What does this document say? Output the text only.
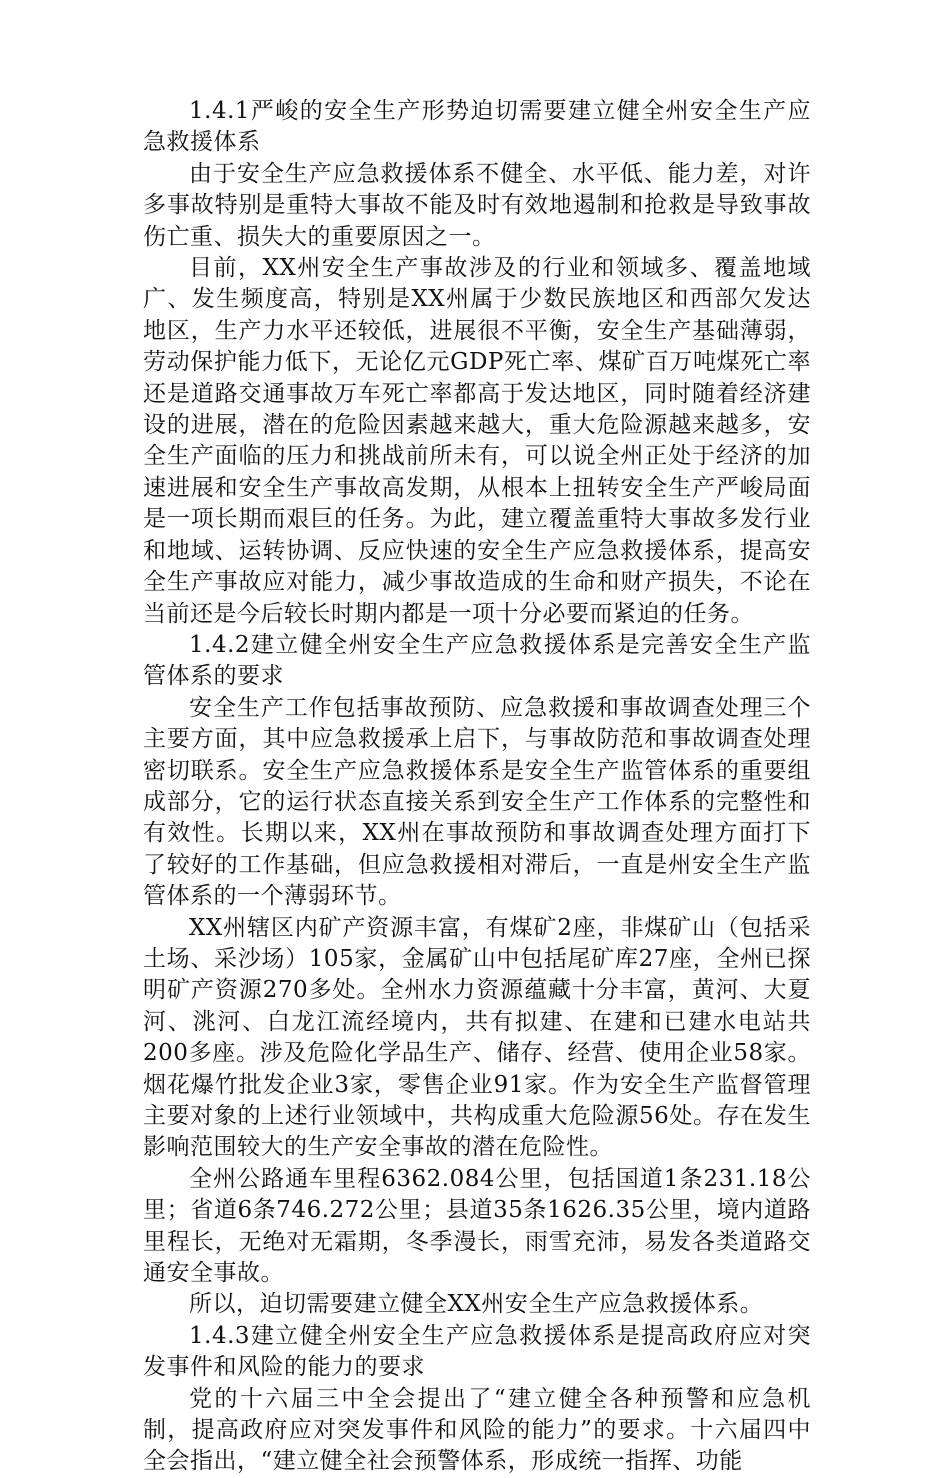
1.4.1严峻的安全生产形势迫切需要建立健全州安全生产应急救援体系

由于安全生产应急救援体系不健全、水平低、能力差，对许多事故特别是重特大事故不能及时有效地遏制和抢救是导致事故伤亡重、损失大的重要原因之一。

目前，XX州安全生产事故涉及的行业和领域多、覆盖地域广、发生频度高，特别是XX州属于少数民族地区和西部欠发达地区，生产力水平还较低，进展很不平衡，安全生产基础薄弱，劳动保护能力低下，无论亿元GDP死亡率、煤矿百万吨煤死亡率还是道路交通事故万车死亡率都高于发达地区，同时随着经济建设的进展，潜在的危险因素越来越大，重大危险源越来越多，安全生产面临的压力和挑战前所未有，可以说全州正处于经济的加速进展和安全生产事故高发期，从根本上扭转安全生产严峻局面是一项长期而艰巨的任务。为此，建立覆盖重特大事故多发行业和地域、运转协调、反应快速的安全生产应急救援体系，提高安全生产事故应对能力，减少事故造成的生命和财产损失，不论在当前还是今后较长时期内都是一项十分必要而紧迫的任务。

1.4.2建立健全州安全生产应急救援体系是完善安全生产监管体系的要求

安全生产工作包括事故预防、应急救援和事故调查处理三个主要方面，其中应急救援承上启下，与事故防范和事故调查处理密切联系。安全生产应急救援体系是安全生产监管体系的重要组成部分，它的运行状态直接关系到安全生产工作体系的完整性和有效性。长期以来，XX州在事故预防和事故调查处理方面打下了较好的工作基础，但应急救援相对滞后，一直是州安全生产监管体系的一个薄弱环节。

XX州辖区内矿产资源丰富，有煤矿2座，非煤矿山（包括采土场、采沙场）105家，金属矿山中包括尾矿库27座，全州已探明矿产资源270多处。全州水力资源蕴藏十分丰富，黄河、大夏河、洮河、白龙江流经境内，共有拟建、在建和已建水电站共200多座。涉及危险化学品生产、储存、经营、使用企业58家。烟花爆竹批发企业3家，零售企业91家。作为安全生产监督管理主要对象的上述行业领域中，共构成重大危险源56处。存在发生影响范围较大的生产安全事故的潜在危险性。

全州公路通车里程6362.084公里，包括国道1条231.18公里；省道6条746.272公里；县道35条1626.35公里，境内道路里程长，无绝对无霜期，冬季漫长，雨雪充沛，易发各类道路交通安全事故。

所以，迫切需要建立健全XX州安全生产应急救援体系。

1.4.3建立健全州安全生产应急救援体系是提高政府应对突发事件和风险的能力的要求

党的十六届三中全会提出了“建立健全各种预警和应急机制，提高政府应对突发事件和风险的能力”的要求。十六届四中全会指出，“建立健全社会预警体系，形成统一指挥、功能
